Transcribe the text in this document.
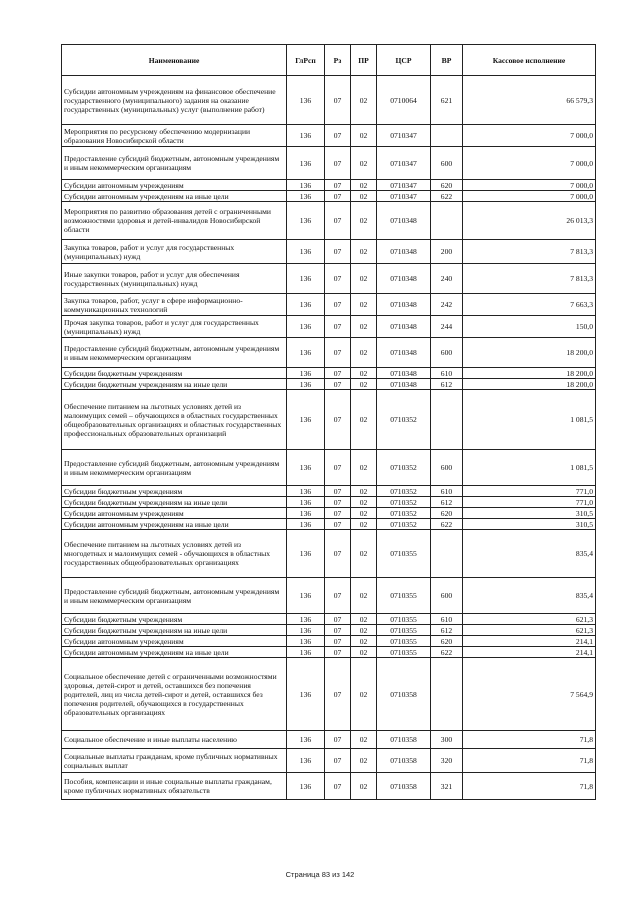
Наименование	ГлРсп	Рз	ПР	ЦСР	ВР	Кассовое исполнение
Субсидии автономным учреждениям на финансовое обеспечение государственного (муниципального) задания на оказание государственных (муниципальных) услуг (выполнение работ)	136	07	02	0710064	621	66 579,3
Мероприятия по ресурсному обеспечению модернизации образования Новосибирской области	136	07	02	0710347		7 000,0
Предоставление субсидий бюджетным, автономным учреждениям и иным некоммерческим организациям	136	07	02	0710347	600	7 000,0
Субсидии автономным учреждениям	136	07	02	0710347	620	7 000,0
Субсидии автономным учреждениям на иные цели	136	07	02	0710347	622	7 000,0
Мероприятия по развитию образования детей с ограниченными возможностями здоровья и детей-инвалидов Новосибирской области	136	07	02	0710348		26 013,3
Закупка товаров, работ и услуг для государственных (муниципальных) нужд	136	07	02	0710348	200	7 813,3
Иные закупки товаров, работ и услуг для обеспечения государственных (муниципальных) нужд	136	07	02	0710348	240	7 813,3
Закупка товаров, работ, услуг в сфере информационно-коммуникационных технологий	136	07	02	0710348	242	7 663,3
Прочая закупка товаров, работ и услуг для государственных (муниципальных) нужд	136	07	02	0710348	244	150,0
Предоставление субсидий бюджетным, автономным учреждениям и иным некоммерческим организациям	136	07	02	0710348	600	18 200,0
Субсидии бюджетным учреждениям	136	07	02	0710348	610	18 200,0
Субсидии бюджетным учреждениям на иные цели	136	07	02	0710348	612	18 200,0
Обеспечение питанием на льготных условиях детей из малоимущих семей – обучающихся в областных государственных общеобразовательных организациях и областных государственных профессиональных образовательных организаций	136	07	02	0710352		1 081,5
Предоставление субсидий бюджетным, автономным учреждениям и иным некоммерческим организациям	136	07	02	0710352	600	1 081,5
Субсидии бюджетным учреждениям	136	07	02	0710352	610	771,0
Субсидии бюджетным учреждениям на иные цели	136	07	02	0710352	612	771,0
Субсидии автономным учреждениям	136	07	02	0710352	620	310,5
Субсидии автономным учреждениям на иные цели	136	07	02	0710352	622	310,5
Обеспечение питанием на льготных условиях детей из многодетных и малоимущих семей - обучающихся в областных государственных общеобразовательных организациях	136	07	02	0710355		835,4
Предоставление субсидий бюджетным, автономным учреждениям и иным некоммерческим организациям	136	07	02	0710355	600	835,4
Субсидии бюджетным учреждениям	136	07	02	0710355	610	621,3
Субсидии бюджетным учреждениям на иные цели	136	07	02	0710355	612	621,3
Субсидии автономным учреждениям	136	07	02	0710355	620	214,1
Субсидии автономным учреждениям на иные цели	136	07	02	0710355	622	214,1
Социальное обеспечение детей с ограниченными возможностями здоровья, детей-сирот и детей, оставшихся без попечения родителей, лиц из числа детей-сирот и детей, оставшихся без попечения родителей, обучающихся в государственных образовательных организациях	136	07	02	0710358		7 564,9
Социальное обеспечение и иные выплаты населению	136	07	02	0710358	300	71,8
Социальные выплаты гражданам, кроме публичных нормативных социальных выплат	136	07	02	0710358	320	71,8
Пособия, компенсации и иные социальные выплаты гражданам, кроме публичных нормативных обязательств	136	07	02	0710358	321	71,8
Страница 83 из 142
